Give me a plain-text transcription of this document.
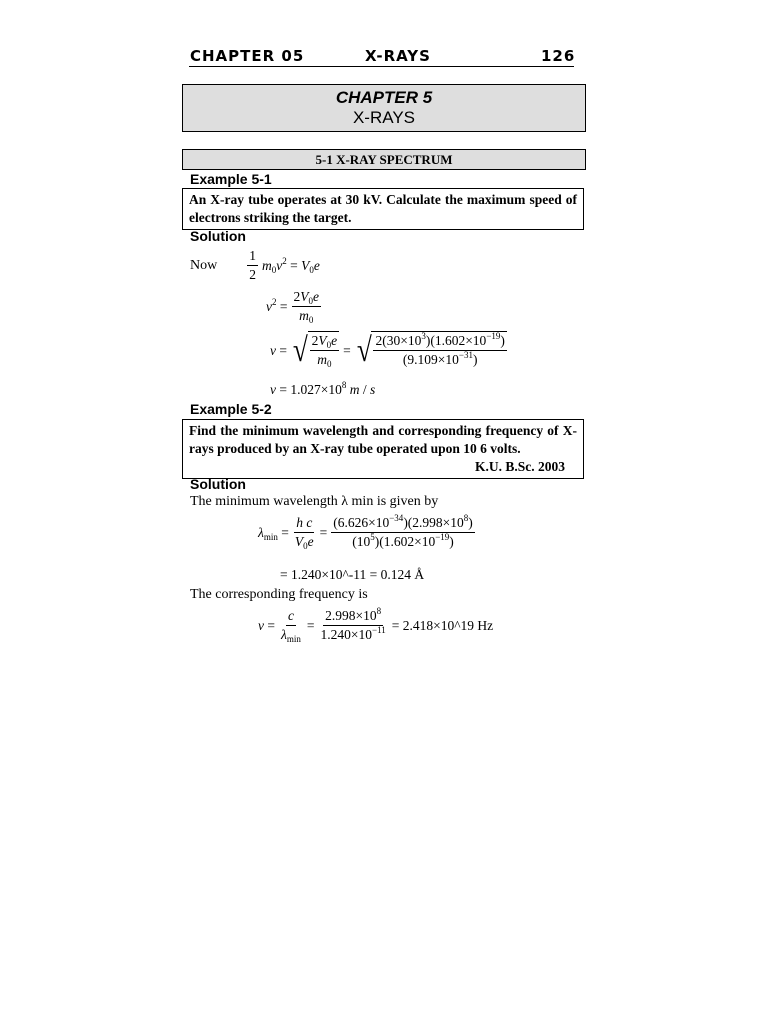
CHAPTER 05	X-RAYS	126
CHAPTER 5
X-RAYS
5-1 X-RAY SPECTRUM
Example 5-1
An X-ray tube operates at 30 kV. Calculate the maximum speed of electrons striking the target.
Solution
Now $\frac{1}{2} m_0v^2 = V_0e$
$v^2 = \frac{2V_0e}{m_0}$
v = √ $\frac{2V_0e}{m_0}$ = √ $\frac{2(30\times 10^3)(1.602\times 10^{-19})}{(9.109\times 10^{-31})}$
$v = 1.027\times 10^8$ m / s
Example 5-2
Find the minimum wavelength and corresponding frequency of X-rays produced by an X-ray tube operated upon 10 6 volts.
K.U. B.Sc. 2003
Solution
The minimum wavelength λ min is given by
$\lambda_{min} = \frac{\text{h c}}{V_0e} = \frac{(6.626\times 10^{-34})(2.998\times 10^8)}{(10^5)(1.602\times 10^{-19})}$
= 1.240×10^-11 = 0.124 Å
The corresponding frequency is
$\nu = \frac{c}{\lambda_{min}} = \frac{2.998\times 10^8}{1.240\times 10^{-11}}$ = 2.418×10^19 Hz
